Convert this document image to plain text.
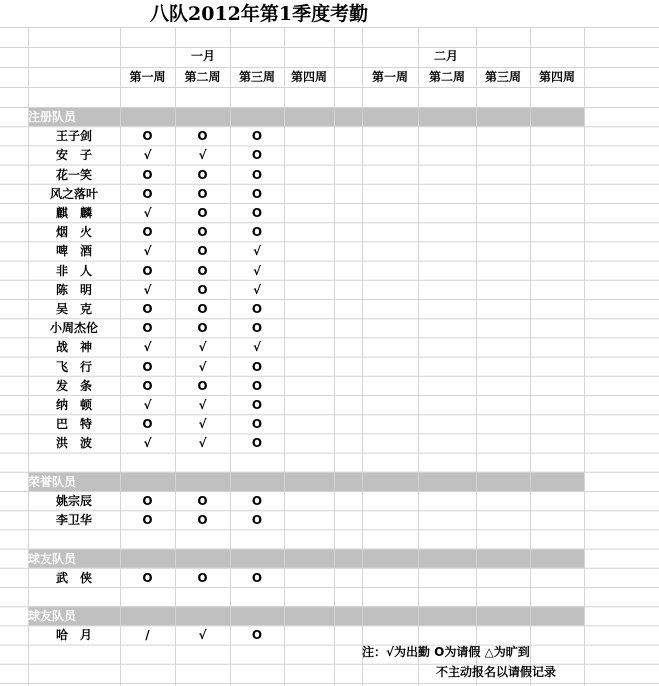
八队2012年第1季度考勤
一月	二月
第一周	第二周	第三周	第四周	第一周	第二周	第三周	第四周
注册队员
王子剑	O	O	O
安　子	√	√	O
花一笑	O	O	O
风之落叶	O	O	O
麒　麟	√	O	O
烟　火	O	O	O
啤　酒	√	O	√
非　人	O	O	√
陈　明	√	O	√
吴　克	O	O	O
小周杰伦	O	O	O
战　神	√	√	√
飞　行	O	√	O
发　条	O	O	O
纳　顿	√	√	O
巴　特	O	√	O
洪　波	√	√	O
荣誉队员
姚宗辰	O	O	O
李卫华	O	O	O
球友队员
武　侠	O	O	O
球友队员
哈　月	/	√	O
注：√为出勤 O为请假 △为旷到
不主动报名以请假记录
